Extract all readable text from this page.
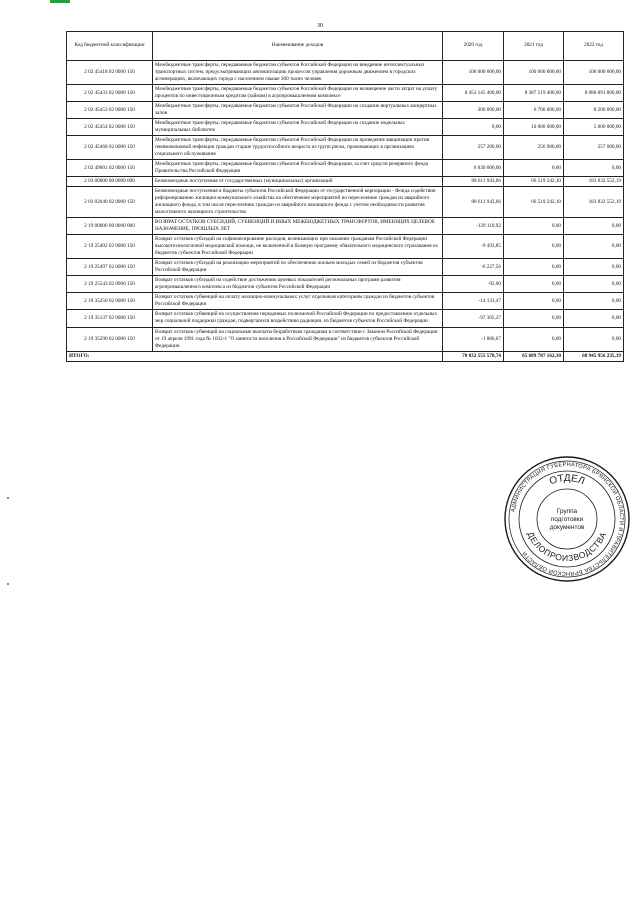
30
Код бюджетной классификации	Наименование доходов	2020 год	2021 год	2022 год
2 02 45418 02 0000 150	Межбюджетные трансферты, передаваемые бюджетам субъектов Российской Федерации на внедрение интеллектуальных транспортных систем, предусматривающих автоматизацию процессов управления дорожным движением в городских агломерациях, включающих города с населением свыше 300 тысяч человек	100 000 000,00	100 000 000,00	100 000 000,00
2 02 45433 02 0000 150	Межбюджетные трансферты, передаваемые бюджетам субъектов Российской Федерации на возмещение части затрат на уплату процентов по инвестиционным кредитам (займам) в агропромышленном комплексе	8 453 145 400,00	8 387 519 400,00	8 080 891 800,00
2 02 45453 02 0000 150	Межбюджетные трансферты, передаваемые бюджетам субъектов Российской Федерации на создание виртуальных концертных залов	300 000,00	6 700 000,00	8 200 000,00
2 02 45454 02 0000 150	Межбюджетные трансферты, передаваемые бюджетам субъектов Российской Федерации на создание модельных муниципальных библиотек	0,00	10 000 000,00	5 000 000,00
2 02 45468 02 0000 150	Межбюджетные трансферты, передаваемые бюджетам субъектов Российской Федерации на проведение вакцинации против пневмококковой инфекции граждан старше трудоспособного возраста из групп риска, проживающих в организациях социального обслуживания	257 200,00	256 900,00	257 000,00
2 02 49001 02 0000 150	Межбюджетные трансферты, передаваемые бюджетам субъектов Российской Федерации, за счет средств резервного фонда Правительства Российской Федерации	6 030 000,00	0,00	0,00
2 03 00000 00 0000 000	Безвозмездные поступления от государственных (муниципальных) организаций	88 611 943,66	66 519 242,10	183 832 552,19
2 03 02040 02 0000 150	Безвозмездные поступления в бюджеты субъектов Российской Федерации от государственной корпорации - Фонда содействия реформированию жилищно-коммунального хозяйства на обеспечение мероприятий по переселению граждан из аварийного жилищного фонда, в том числе переселению граждан из аварийного жилищного фонда с учетом необходимости развития малоэтажного жилищного строительства	88 611 943,66	66 519 242,10	183 832 552,19
2 19 00000 00 0000 000	ВОЗВРАТ ОСТАТКОВ СУБСИДИЙ, СУБВЕНЦИЙ И ИНЫХ МЕЖБЮДЖЕТНЫХ ТРАНСФЕРТОВ, ИМЕЮЩИХ ЦЕЛЕВОЕ НАЗНАЧЕНИЕ, ПРОШЛЫХ ЛЕТ	-129 118,92	0,00	0,00
2 19 25402 02 0000 150	Возврат остатков субсидий на софинансирование расходов, возникающих при оказании гражданам Российской Федерации высокотехнологичной медицинской помощи, не включенной в базовую программу обязательного медицинского страхования из бюджетов субъектов Российской Федерации	-9 493,85	0,00	0,00
2 19 25497 02 0000 150	Возврат остатков субсидий на реализацию мероприятий по обеспечению жильем молодых семей из бюджетов субъектов Российской Федерации	-6 227,56	0,00	0,00
2 19 25543 02 0000 150	Возврат остатков субсидий на содействие достижению целевых показателей региональных программ развития агропромышленного комплекса из бюджетов субъектов Российской Федерации	-92,00	0,00	0,00
2 19 35250 02 0000 150	Возврат остатков субвенций на оплату жилищно-коммунальных услуг отдельным категориям граждан из бюджетов субъектов Российской Федерации	-14 133,47	0,00	0,00
2 19 35137 02 0000 150	Возврат остатков субвенций на осуществление переданных полномочий Российской Федерации по предоставлению отдельных мер социальной поддержки граждан, подвергшихся воздействию радиации, из бюджетов субъектов Российской Федерации	-97 305,37	0,00	0,00
2 19 35290 02 0000 150	Возврат остатков субвенций на социальные выплаты безработным гражданам в соответствии с Законом Российской Федерации от 19 апреля 1991 года № 1032-1 "О занятости населения в Российской Федерации" из бюджетов субъектов Российской Федерации	-1 866,67	0,00	0,00
ИТОГО:		70 832 555 570,74	65 689 787 162,10	68 945 956 235,19
АДМИНИСТРАЦИЯ ГУБЕРНАТОРА БРЯНСКОЙ ОБЛАСТИ И ПРАВИТЕЛЬСТВА БРЯНСКОЙ ОБЛАСТИ
ОТДЕЛ
ДЕЛОПРОИЗВОДСТВА
Группа
подготовки
документов
